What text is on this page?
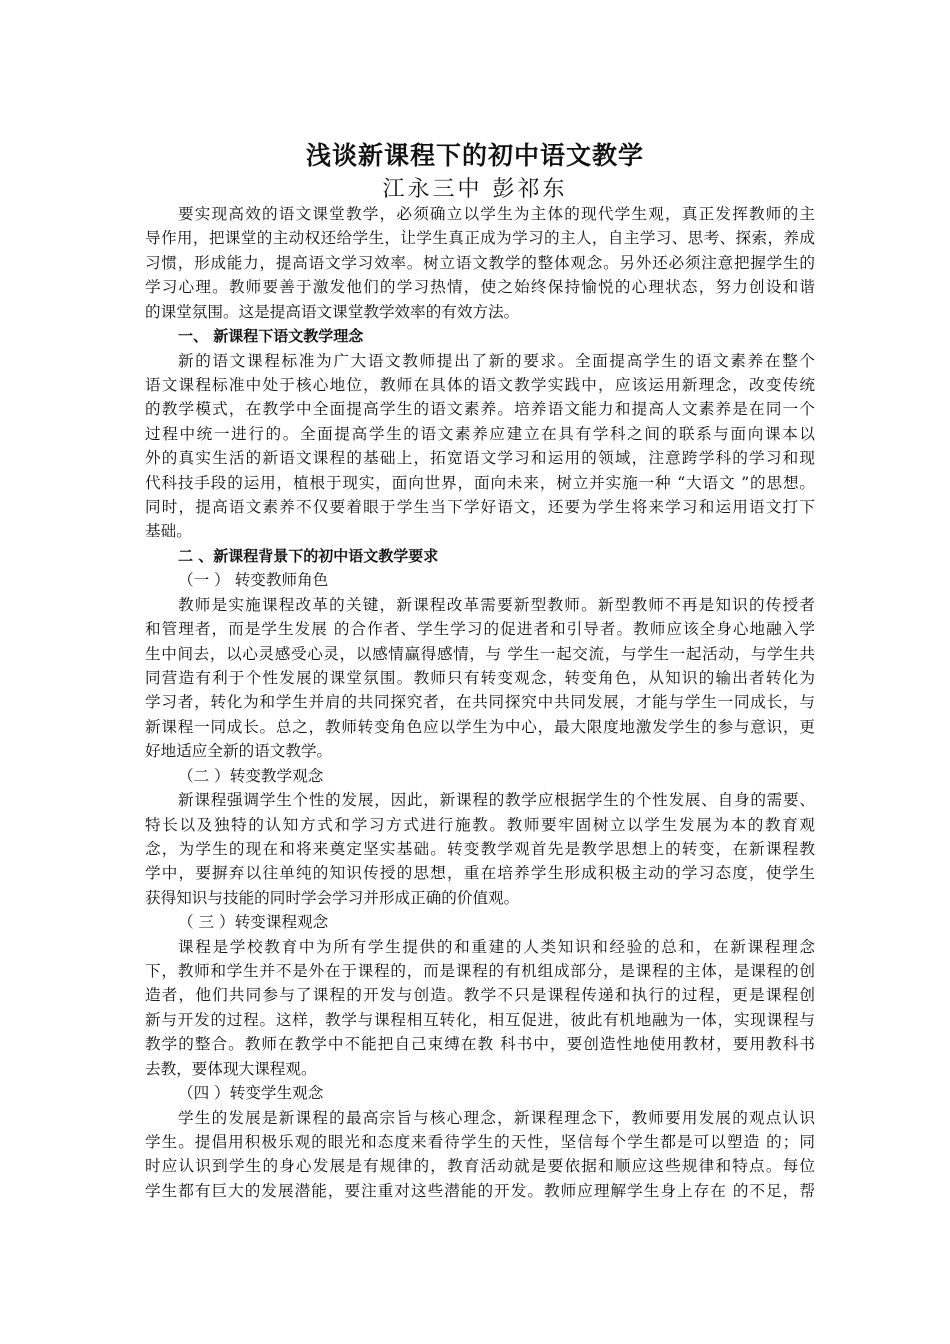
浅谈新课程下的初中语文教学
江永三中 彭祁东
要实现高效的语文课堂教学，必须确立以学生为主体的现代学生观，真正发挥教师的主
导作用，把课堂的主动权还给学生，让学生真正成为学习的主人，自主学习、思考、探索，养成
习惯，形成能力，提高语文学习效率。树立语文教学的整体观念。另外还必须注意把握学生的
学习心理。教师要善于激发他们的学习热情，使之始终保持愉悦的心理状态，努力创设和谐
的课堂氛围。这是提高语文课堂教学效率的有效方法。
一、 新课程下语文教学理念
新的语文课程标准为广大语文教师提出了新的要求。全面提高学生的语文素养在整个
语文课程标准中处于核心地位，教师在具体的语文教学实践中，应该运用新理念，改变传统
的教学模式，在教学中全面提高学生的语文素养。培养语文能力和提高人文素养是在同一个
过程中统一进行的。全面提高学生的语文素养应建立在具有学科之间的联系与面向课本以
外的真实生活的新语文课程的基础上，拓宽语文学习和运用的领域，注意跨学科的学习和现
代科技手段的运用，植根于现实，面向世界，面向未来，树立并实施一种 “大语文 ”的思想。
同时，提高语文素养不仅要着眼于学生当下学好语文，还要为学生将来学习和运用语文打下
基础。
二 、新课程背景下的初中语文教学要求
（一 ） 转变教师角色
教师是实施课程改革的关键，新课程改革需要新型教师。新型教师不再是知识的传授者
和管理者，而是学生发展 的合作者、学生学习的促进者和引导者。教师应该全身心地融入学
生中间去，以心灵感受心灵，以感情赢得感情，与 学生一起交流，与学生一起活动，与学生共
同营造有利于个性发展的课堂氛围。教师只有转变观念，转变角色，从知识的输出者转化为
学习者，转化为和学生并肩的共同探究者，在共同探究中共同发展，才能与学生一同成长，与
新课程一同成长。总之，教师转变角色应以学生为中心，最大限度地激发学生的参与意识，更
好地适应全新的语文教学。
（二 ）转变教学观念
新课程强调学生个性的发展，因此，新课程的教学应根据学生的个性发展、自身的需要、
特长以及独特的认知方式和学习方式进行施教。教师要牢固树立以学生发展为本的教育观
念，为学生的现在和将来奠定坚实基础。转变教学观首先是教学思想上的转变，在新课程教
学中，要摒弃以往单纯的知识传授的思想，重在培养学生形成积极主动的学习态度，使学生
获得知识与技能的同时学会学习并形成正确的价值观。
（ 三 ）转变课程观念
课程是学校教育中为所有学生提供的和重建的人类知识和经验的总和，在新课程理念
下，教师和学生并不是外在于课程的，而是课程的有机组成部分，是课程的主体，是课程的创
造者，他们共同参与了课程的开发与创造。教学不只是课程传递和执行的过程，更是课程创
新与开发的过程。这样，教学与课程相互转化，相互促进，彼此有机地融为一体，实现课程与
教学的整合。教师在教学中不能把自己束缚在教 科书中，要创造性地使用教材，要用教科书
去教，要体现大课程观。
（四 ）转变学生观念
学生的发展是新课程的最高宗旨与核心理念，新课程理念下，教师要用发展的观点认识
学生。提倡用积极乐观的眼光和态度来看待学生的天性，坚信每个学生都是可以塑造 的；同
时应认识到学生的身心发展是有规律的，教育活动就是要依据和顺应这些规律和特点。每位
学生都有巨大的发展潜能，要注重对这些潜能的开发。教师应理解学生身上存在 的不足，帮
